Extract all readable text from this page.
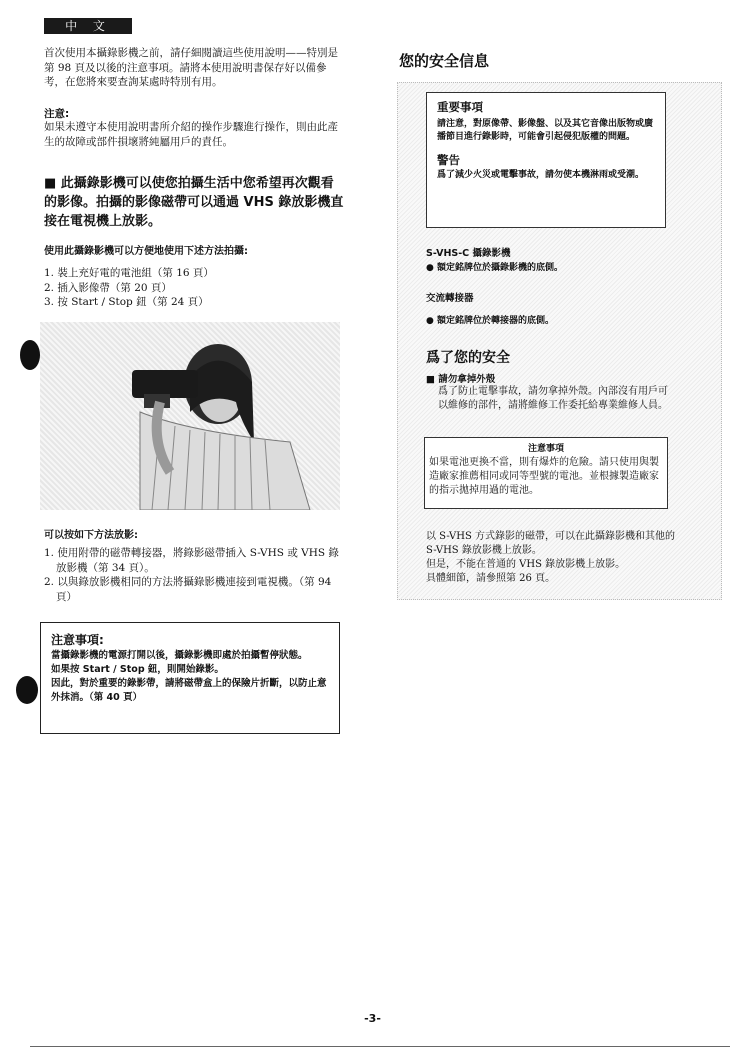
中 文
首次使用本攝錄影機之前，請仔細閱讀這些使用說明——特別是第 98 頁及以後的注意事項。請將本使用說明書保存好以備參考，在您將來要查詢某處時特別有用。
注意:
如果未遵守本使用說明書所介紹的操作步驟進行操作，則由此產生的故障或部件損壞將純屬用戶的責任。
■ 此攝錄影機可以使您拍攝生活中您希望再次觀看的影像。拍攝的影像磁帶可以通過 VHS 錄放影機直接在電視機上放影。
使用此攝錄影機可以方便地使用下述方法拍攝:
1. 裝上充好電的電池組（第 16 頁）
2. 插入影像帶（第 20 頁）
3. 按 Start / Stop 鈕（第 24 頁）
可以按如下方法放影:
1. 使用附帶的磁帶轉接器，將錄影磁帶插入 S-VHS 或 VHS 錄放影機（第 34 頁）。
2. 以與錄放影機相同的方法將攝錄影機連接到電視機。（第 94 頁）
注意事項:
當攝錄影機的電源打開以後，攝錄影機即處於拍攝暫停狀態。
如果按 Start / Stop 鈕，則開始錄影。
因此，對於重要的錄影帶，請將磁帶盒上的保險片折斷，以防止意外抹消。（第 40 頁）
您的安全信息
重要事項
請注意，對原像帶、影像盤、以及其它音像出版物或廣播節目進行錄影時，可能會引起侵犯版權的問題。
警告
爲了減少火災或電擊事故，請勿使本機淋雨或受潮。
S-VHS-C 攝錄影機
● 額定銘牌位於攝錄影機的底側。
交流轉接器
● 額定銘牌位於轉接器的底側。
爲了您的安全
■ 請勿拿掉外殼
爲了防止電擊事故，請勿拿掉外殼。內部沒有用戶可以維修的部件，請將維修工作委托給專業維修人員。
注意事項
如果電池更換不當，則有爆炸的危險。請只使用與製造廠家推薦相同或同等型號的電池。並根據製造廠家的指示拋掉用過的電池。
以 S-VHS 方式錄影的磁帶，可以在此攝錄影機和其他的 S-VHS 錄放影機上放影。
但是，不能在普通的 VHS 錄放影機上放影。
具體細節，請參照第 26 頁。
-3-
